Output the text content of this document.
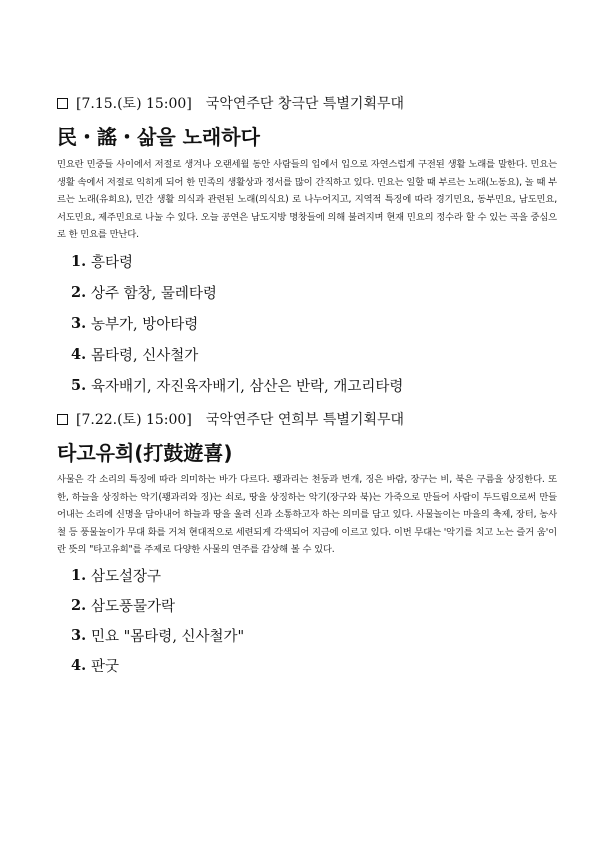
[7.15.(토) 15:00] 국악연주단 창극단 특별기획무대
民・謠・삶을 노래하다
민요란 민중들 사이에서 저절로 생겨나 오랜세월 동안 사람들의 입에서 입으로 자연스럽게 구전된 생활 노래를 말한다. 민요는 생활 속에서 저절로 익히게 되어 한 민족의 생활상과 정서를 많이 간직하고 있다. 민요는 일할 때 부르는 노래(노동요), 놀 때 부르는 노래(유희요), 민간 생활 의식과 관련된 노래(의식요) 로 나누어지고, 지역적 특징에 따라 경기민요, 동부민요, 남도민요, 서도민요, 제주민요로 나눌 수 있다. 오늘 공연은 남도지방 명창들에 의해 불려지며 현재 민요의 정수라 할 수 있는 곡을 중심으로 한 민요를 만난다.
1. 흥타령
2. 상주 함창, 물레타령
3. 농부가, 방아타령
4. 몸타령, 신사철가
5. 육자배기, 자진육자배기, 삼산은 반락, 개고리타령
[7.22.(토) 15:00] 국악연주단 연희부 특별기획무대
타고유희(打鼓遊喜)
사물은 각 소리의 특징에 따라 의미하는 바가 다르다. 꽹과리는 천둥과 번개, 징은 바람, 장구는 비, 북은 구름을 상징한다. 또한, 하늘을 상징하는 악기(꽹과리와 징)는 쇠로, 땅을 상징하는 악기(장구와 북)는 가죽으로 만들어 사람이 두드림으로써 만들어내는 소리에 신명을 담아내어 하늘과 땅을 울려 신과 소통하고자 하는 의미를 담고 있다. 사물놀이는 마을의 축제, 장터, 농사철 등 풍물놀이가 무대 화를 거쳐 현대적으로 세련되게 각색되어 지금에 이르고 있다. 이번 무대는 '악기를 치고 노는 즐거 움'이란 뜻의 "타고유희"를 주제로 다양한 사물의 연주를 감상해 볼 수 있다.
1. 삼도설장구
2. 삼도풍물가락
3. 민요 "몸타령, 신사철가"
4. 판굿
